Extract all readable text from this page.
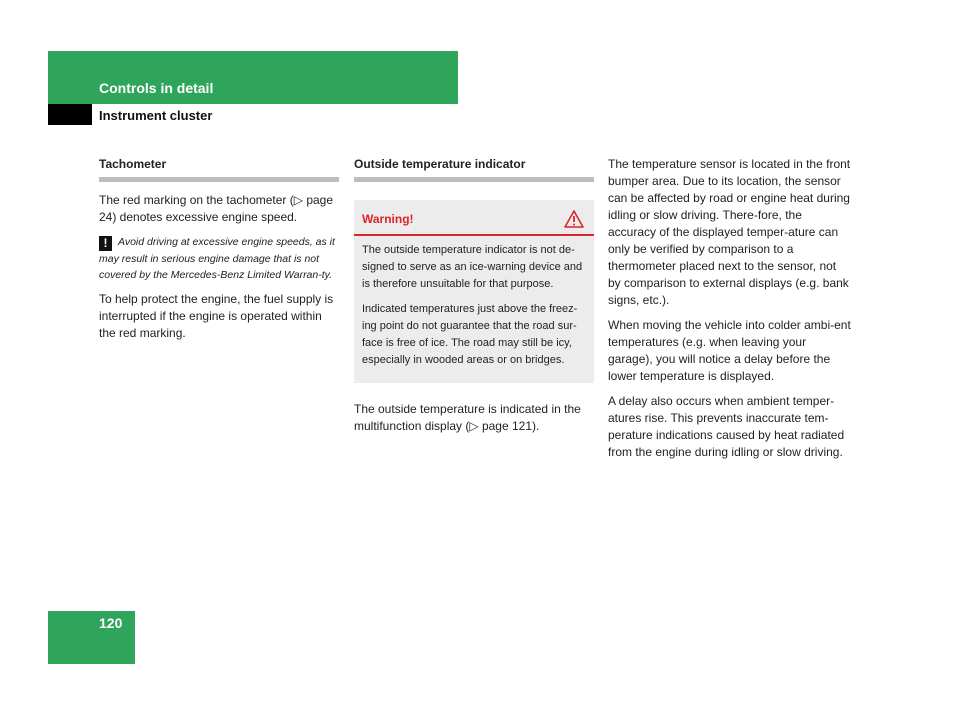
Controls in detail
Instrument cluster
Tachometer

The red marking on the tachometer (▷ page 24) denotes excessive engine speed.

! Avoid driving at excessive engine speeds, as it may result in serious engine damage that is not covered by the Mercedes-Benz Limited Warran-ty.

To help protect the engine, the fuel supply is interrupted if the engine is operated within the red marking.

Outside temperature indicator
Warning!

The outside temperature indicator is not de-signed to serve as an ice-warning device and is therefore unsuitable for that purpose.

Indicated temperatures just above the freez-ing point do not guarantee that the road sur-face is free of ice. The road may still be icy, especially in wooded areas or on bridges.

The outside temperature is indicated in the multifunction display (▷ page 121).

The temperature sensor is located in the front bumper area. Due to its location, the sensor can be affected by road or engine heat during idling or slow driving. There-fore, the accuracy of the displayed temper-ature can only be verified by comparison to a thermometer placed next to the sensor, not by comparison to external displays (e.g. bank signs, etc.).

When moving the vehicle into colder ambi-ent temperatures (e.g. when leaving your garage), you will notice a delay before the lower temperature is displayed.

A delay also occurs when ambient temper-atures rise. This prevents inaccurate tem-perature indications caused by heat radiated from the engine during idling or slow driving.

120
